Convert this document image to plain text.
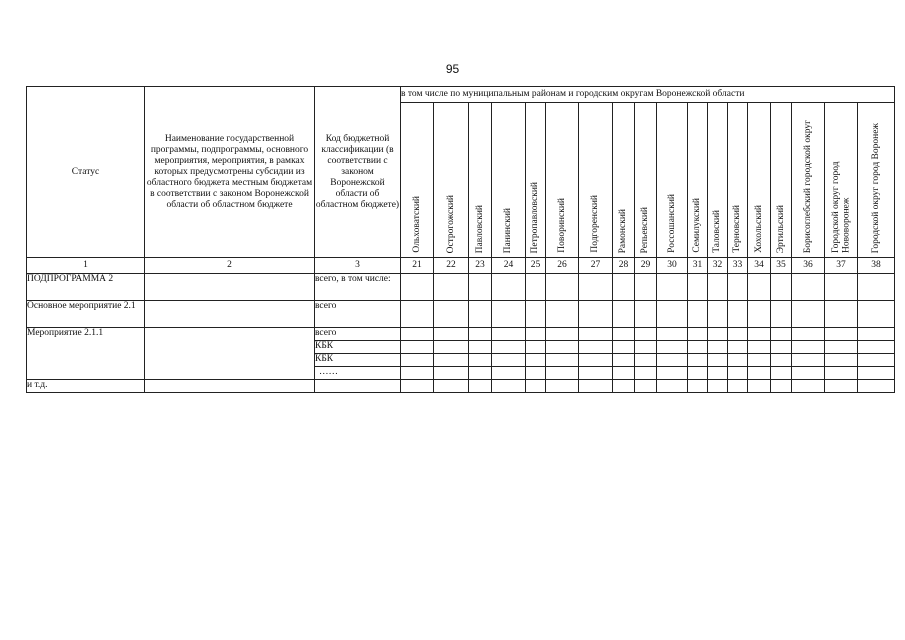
95
Статус	Наименование государственной программы, подпрограммы, основного мероприятия, мероприятия, в рамках которых предусмотрены субсидии из областного бюджета местным бюджетам в соответствии с законом Воронежской области об областном бюджете	Код бюджетной классификации (в соответствии с законом Воронежской области об областном бюджете)	в том числе по муниципальным районам и городским округам Воронежской области																	
			Ольховатский	Острогожский	Павловский	Панинский	Петропавловский	Поворинский	Подгоренский	Рамонский	Репьевский	Россошанский	Семилукский	Таловский	Терновский	Хохольский	Эртильский	Борисоглебский городской округ	Городской округ город Нововоронеж	Городской округ город Воронеж
1	2	3	21	22	23	24	25	26	27	28	29	30	31	32	33	34	35	36	37	38
ПОДПРОГРАММА 2		всего, в том числе:																		
Основное мероприятие 2.1		всего																		
Мероприятие 2.1.1		всего																		
		КБК																		
		КБК																		
		……																		
и т.д.																				
